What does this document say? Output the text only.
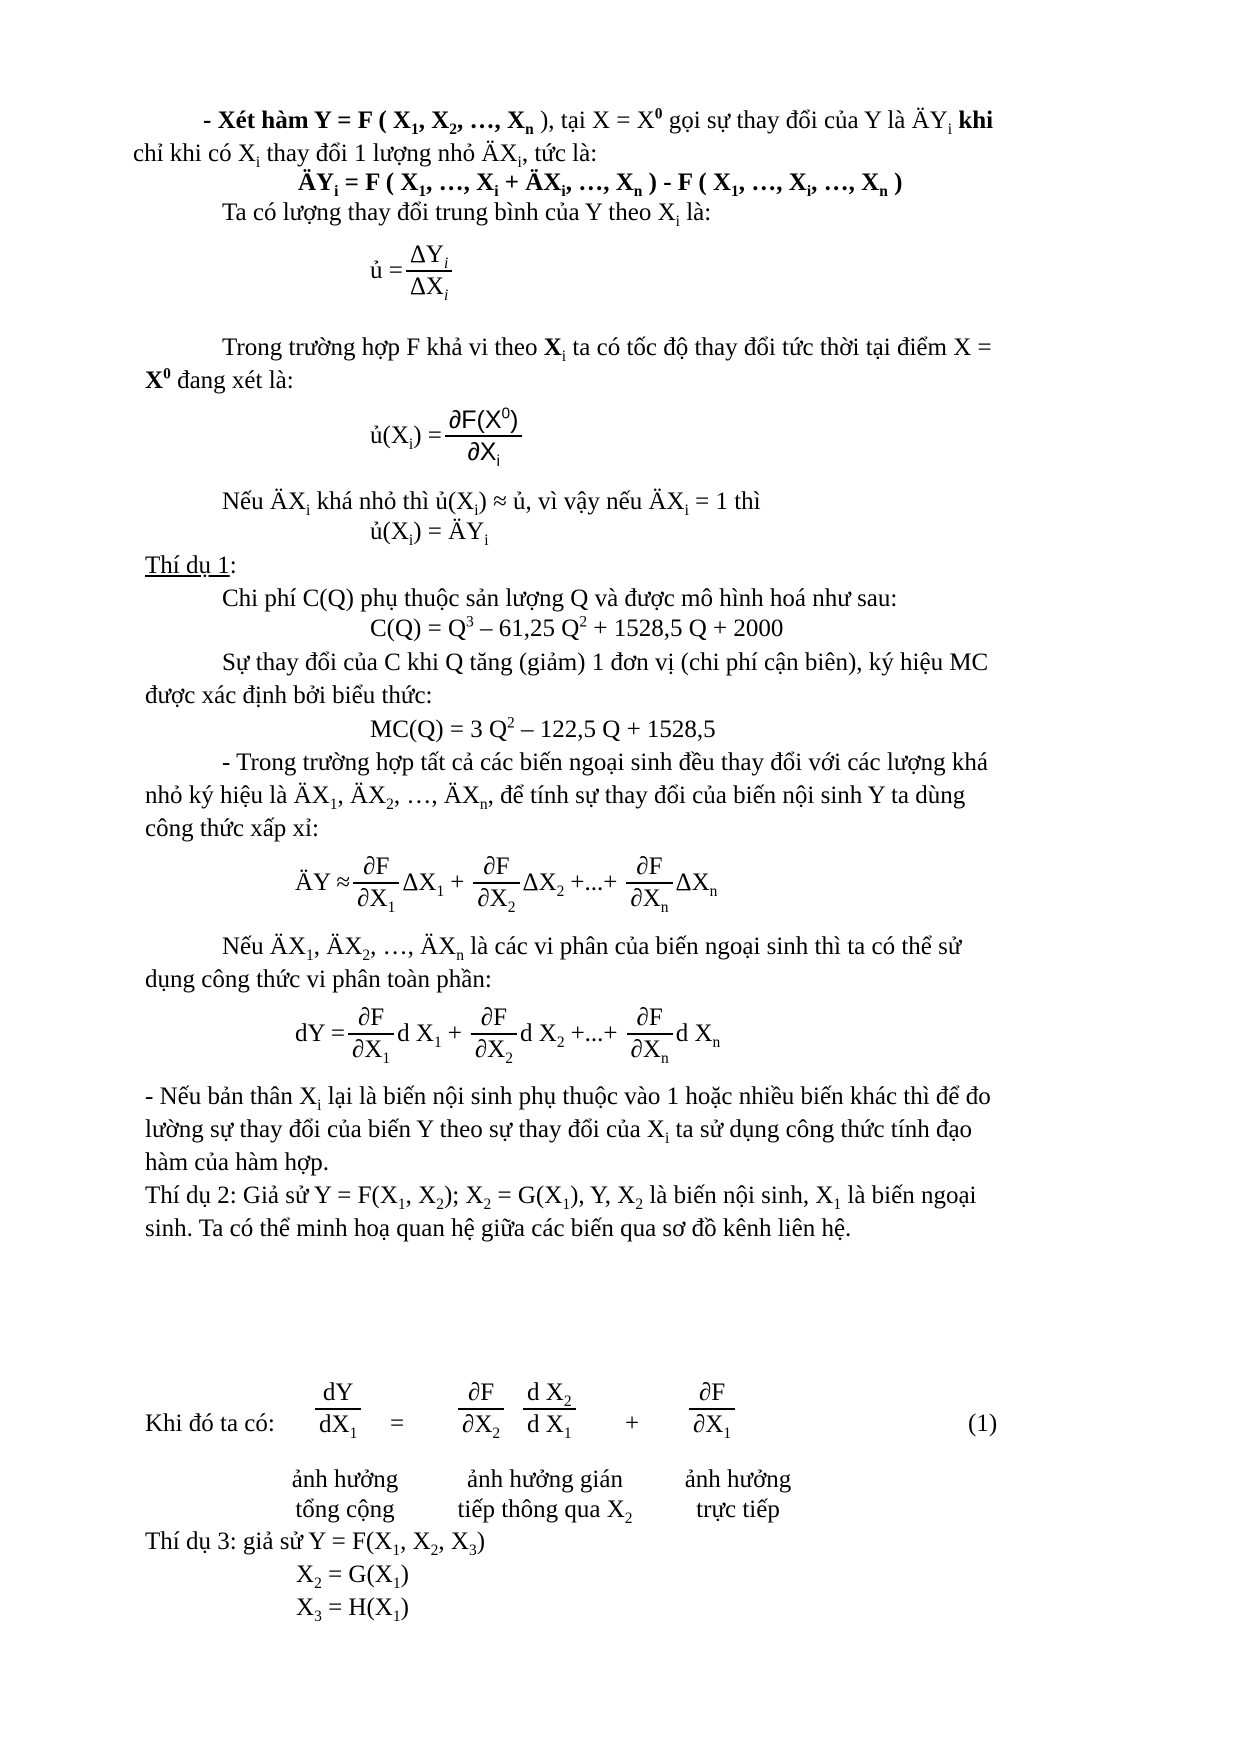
- Xét hàm Y = F ( $X_1$, $X_2$, …, $X_n$ ), tại $X = X^0$ gọi sự thay đổi của Y là $ÄY_i$ khi
chỉ khi có $X_i$ thay đổi 1 lượng nhỏ $ÄX_i$, tức là:
$ÄY_i = F$ ( $X_1$, …, $X_i$ + $ÄX_i$, …, $X_n$ ) - F ( $X_1$, …, $X_i$, …, $X_n$ )
Ta có lượng thay đổi trung bình của Y theo $X_i$ là:
ủ = $\frac{\Delta Y_i}{\Delta X_i}$
Trong trường hợp F khả vi theo $X_i$ ta có tốc độ thay đổi tức thời tại điểm X =
$X^0$ đang xét là:
$ủ(X_i) = \frac{\partial F(X^0)}{\partial X_i}$
Nếu $ÄX_i$ khá nhỏ thì $ủ(X_i)$ ≈ ủ, vì vậy nếu $ÄX_i = 1$ thì
$ủ(X_i)$ = $ÄY_i$
Thí dụ 1:
Chi phí C(Q) phụ thuộc sản lượng Q và được mô hình hoá như sau:
$C(Q) = Q^3 - 61,25$ $Q^2 + 1528,5$ Q + 2000
Sự thay đổi của C khi Q tăng (giảm) 1 đơn vị (chi phí cận biên), ký hiệu MC
được xác định bởi biểu thức:
MC(Q) = 3 $Q^2 - 122,5$ Q + 1528,5
- Trong trường hợp tất cả các biến ngoại sinh đều thay đổi với các lượng khá
nhỏ ký hiệu là $ÄX_1$, $ÄX_2$, …, $ÄX_n$, để tính sự thay đổi của biến nội sinh Y ta dùng
công thức xấp xỉ:
ÄY ≈ $\frac{\partial F}{\partial X_1} \Delta X_1 + \frac{\partial F}{\partial X_2} \Delta X_2$ +...+ $\frac{\partial F}{\partial X_n} \Delta X_n$
Nếu $ÄX_1$, $ÄX_2$, …, $ÄX_n$ là các vi phân của biến ngoại sinh thì ta có thể sử
dụng công thức vi phân toàn phần:
dY = $\frac{\partial F}{\partial X_1}$ d $X_1 + \frac{\partial F}{\partial X_2}$ d $X_2$ +...+ $\frac{\partial F}{\partial X_n}$ d $X_n$
- Nếu bản thân $X_i$ lại là biến nội sinh phụ thuộc vào 1 hoặc nhiều biến khác thì để đo
lường sự thay đổi của biến Y theo sự thay đổi của $X_i$ ta sử dụng công thức tính đạo
hàm của hàm hợp.
Thí dụ 2: Giả sử $Y = F(X_1$, $X_2$); $X_2 = G(X_1)$, Y, $X_2$ là biến nội sinh, $X_1$ là biến ngoại
sinh. Ta có thể minh hoạ quan hệ giữa các biến qua sơ đồ kênh liên hệ.
Khi đó ta có: $\frac{dY}{dX_1} = \frac{\partial F}{\partial X_2} \frac{d X_2}{d X_1} + \frac{\partial F}{\partial X_1}$	(1)
ảnh hưởng
tổng cộng
ảnh hưởng gián
tiếp thông qua $X_2$
ảnh hưởng
trực tiếp
Thí dụ 3: giả sử $Y = F(X_1$, $X_2$, $X_3$)
$X_2 = G(X_1)$
$X_3 = H(X_1)$
